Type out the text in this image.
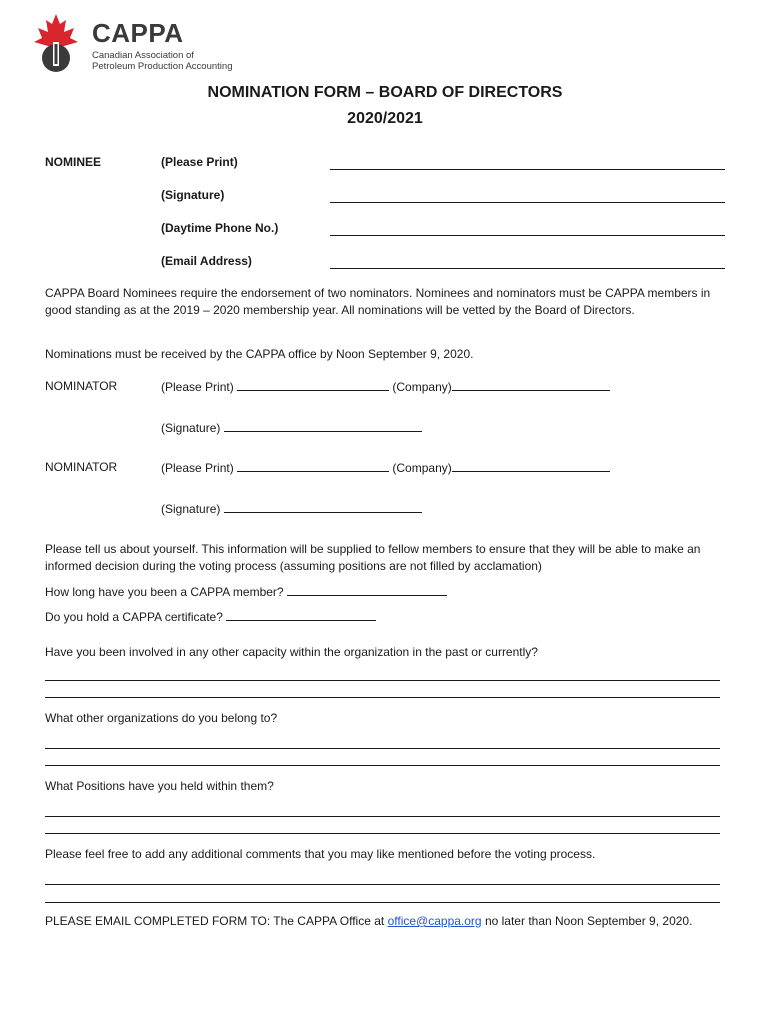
CAPPA
Canadian Association of
Petroleum Production Accounting
NOMINATION FORM – BOARD OF DIRECTORS
2020/2021
NOMINEE	(Please Print)
(Signature)
(Daytime Phone No.)
(Email Address)
CAPPA Board Nominees require the endorsement of two nominators. Nominees and nominators must be CAPPA members in good standing as at the 2019 – 2020 membership year. All nominations will be vetted by the Board of Directors.
Nominations must be received by the CAPPA office by Noon September 9, 2020.
NOMINATOR	(Please Print)	(Company)
(Signature)
NOMINATOR	(Please Print)	(Company)
(Signature)
Please tell us about yourself. This information will be supplied to fellow members to ensure that they will be able to make an informed decision during the voting process (assuming positions are not filled by acclamation)
How long have you been a CAPPA member?
Do you hold a CAPPA certificate?
Have you been involved in any other capacity within the organization in the past or currently?
What other organizations do you belong to?
What Positions have you held within them?
Please feel free to add any additional comments that you may like mentioned before the voting process.
PLEASE EMAIL COMPLETED FORM TO: The CAPPA Office at office@cappa.org no later than Noon September 9, 2020.
